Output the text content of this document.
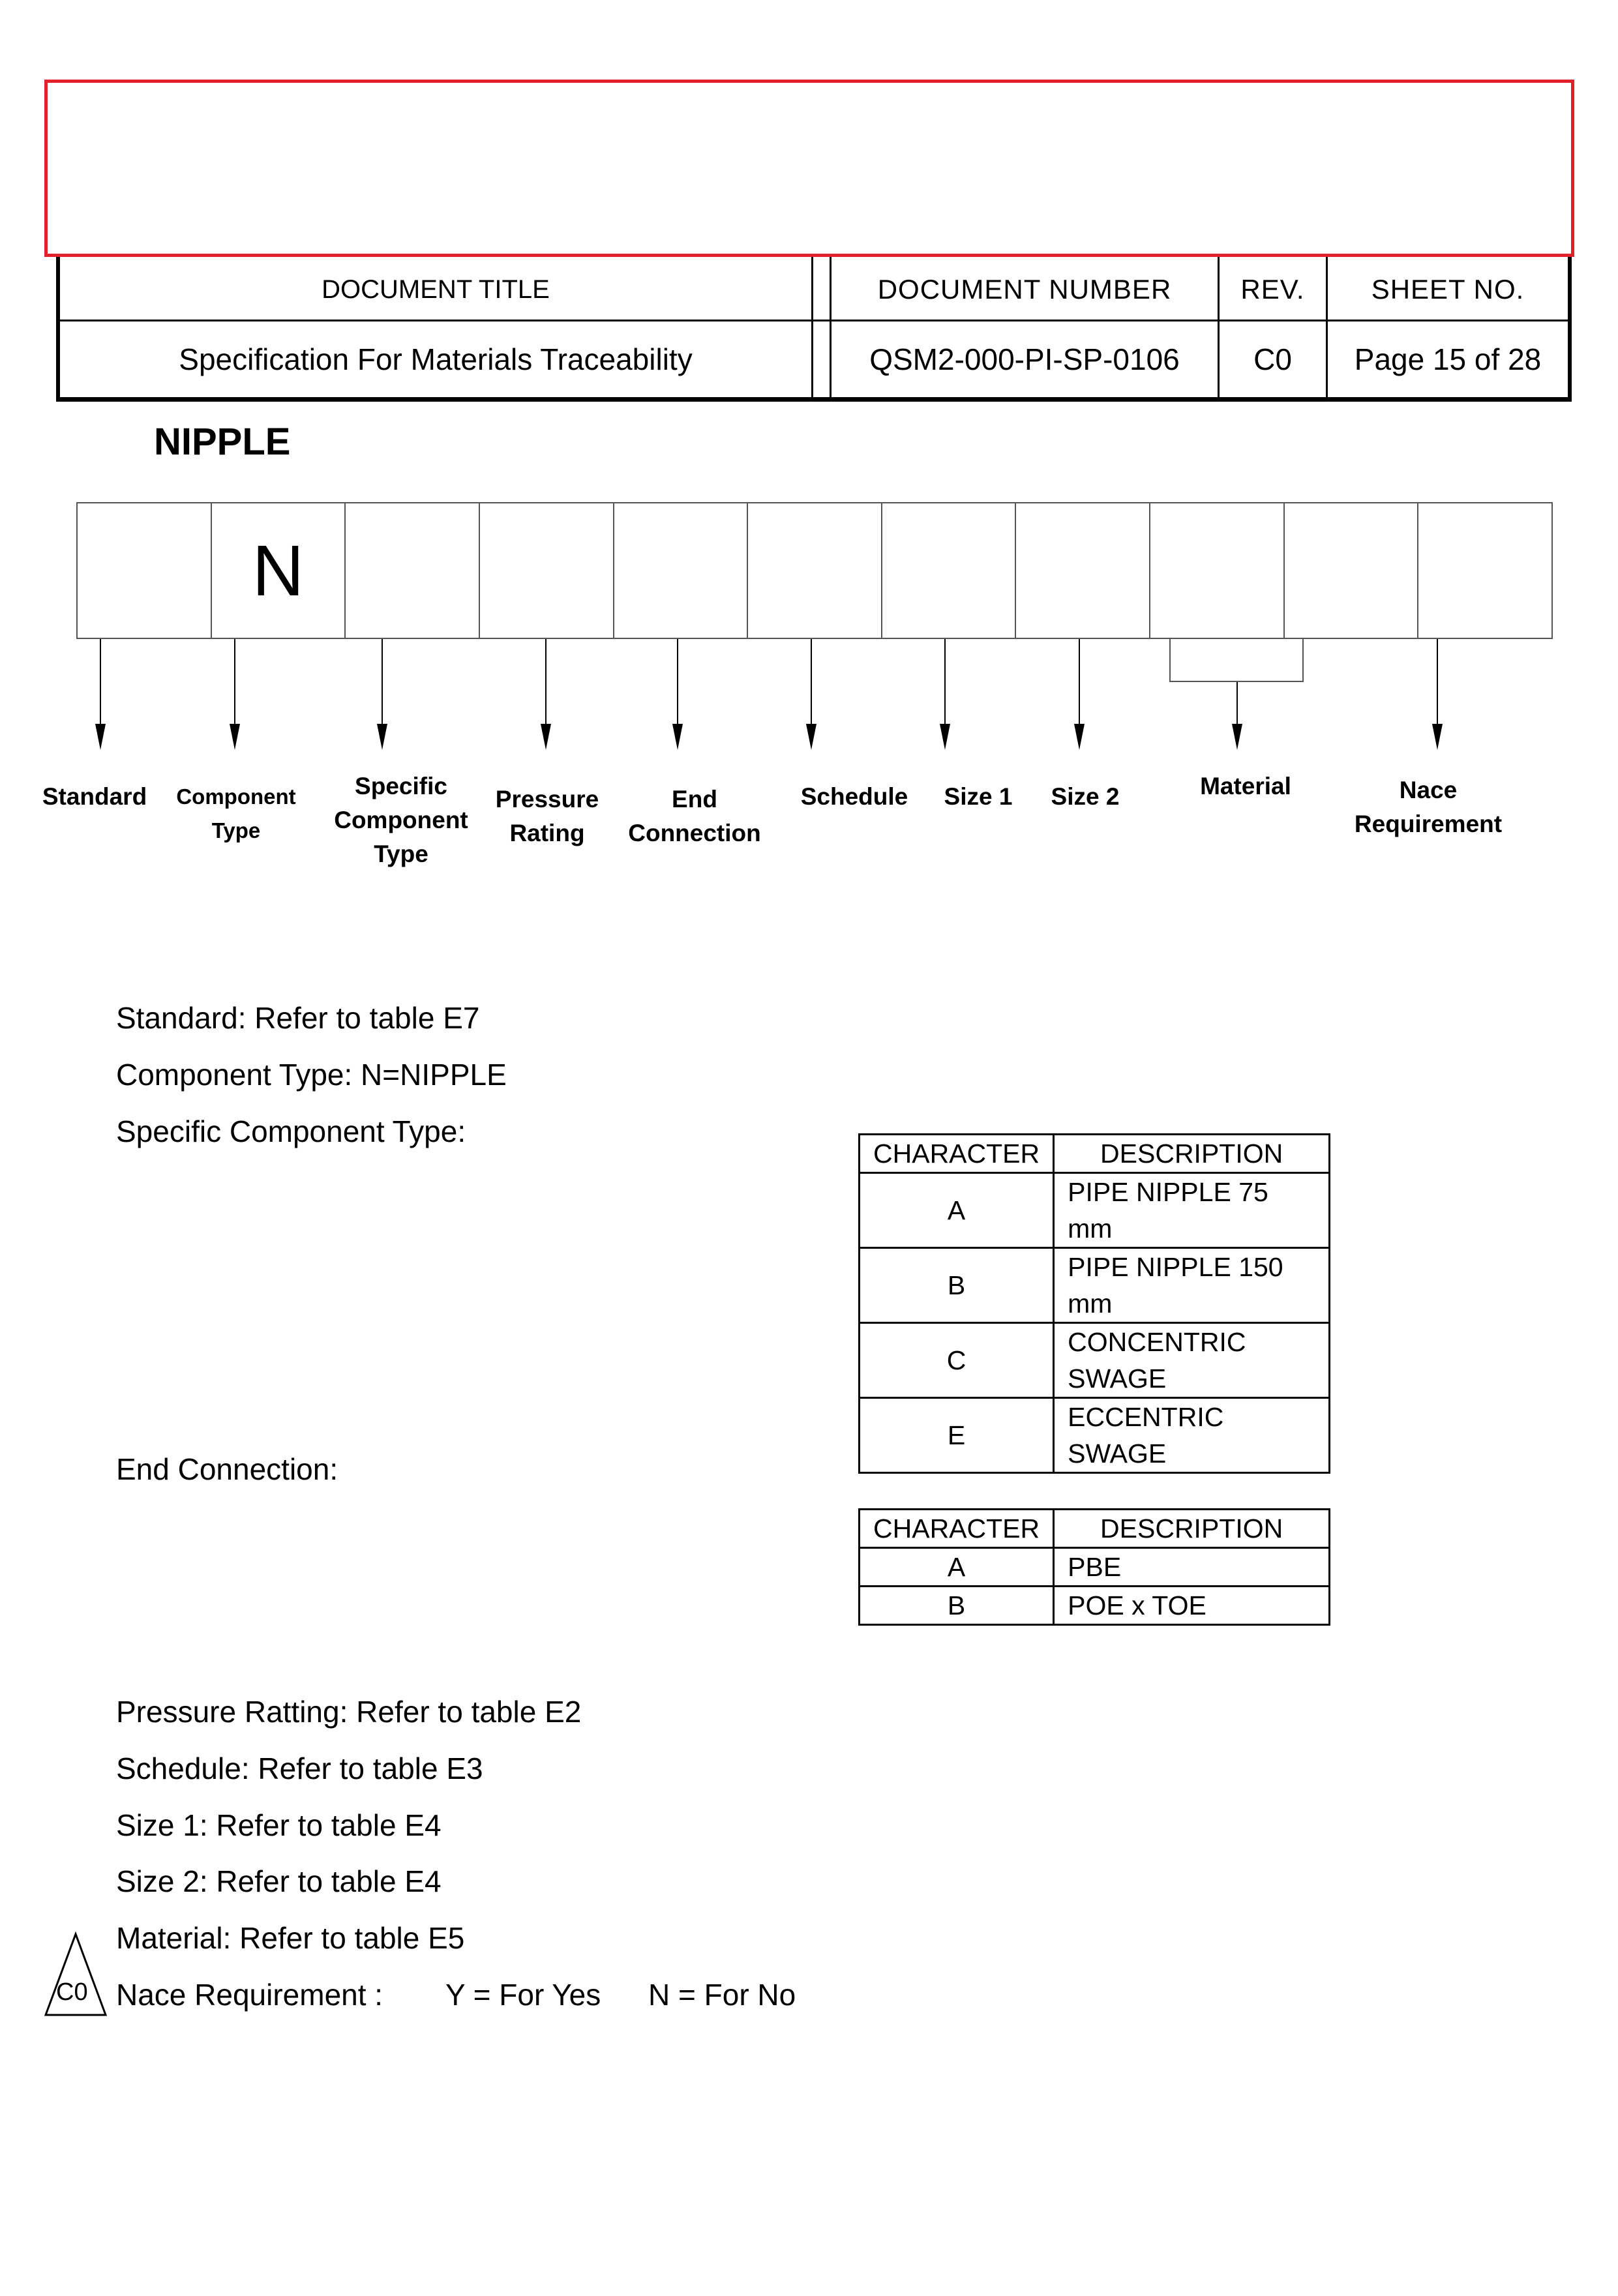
DOCUMENT TITLE	DOCUMENT NUMBER	REV.	SHEET NO.
Specification For Materials Traceability	QSM2-000-PI-SP-0106	C0	Page 15 of 28
NIPPLE
N
Standard	Component Type
Specific Component Type
Pressure Rating
End Connection
Schedule	Size 1	Size 2	Material	Nace Requirement
Standard: Refer to table E7
Component Type: N=NIPPLE
Specific Component Type:
CHARACTER	DESCRIPTION
A	PIPE NIPPLE 75 mm
B	PIPE NIPPLE 150 mm
C	CONCENTRIC SWAGE
E	ECCENTRIC SWAGE
End Connection:
CHARACTER	DESCRIPTION
A	PBE
B	POE x TOE
Pressure Ratting: Refer to table E2
Schedule: Refer to table E3
Size 1: Refer to table E4
Size 2: Refer to table E4
Material: Refer to table E5
Nace Requirement : Y = For Yes N = For No
C0
